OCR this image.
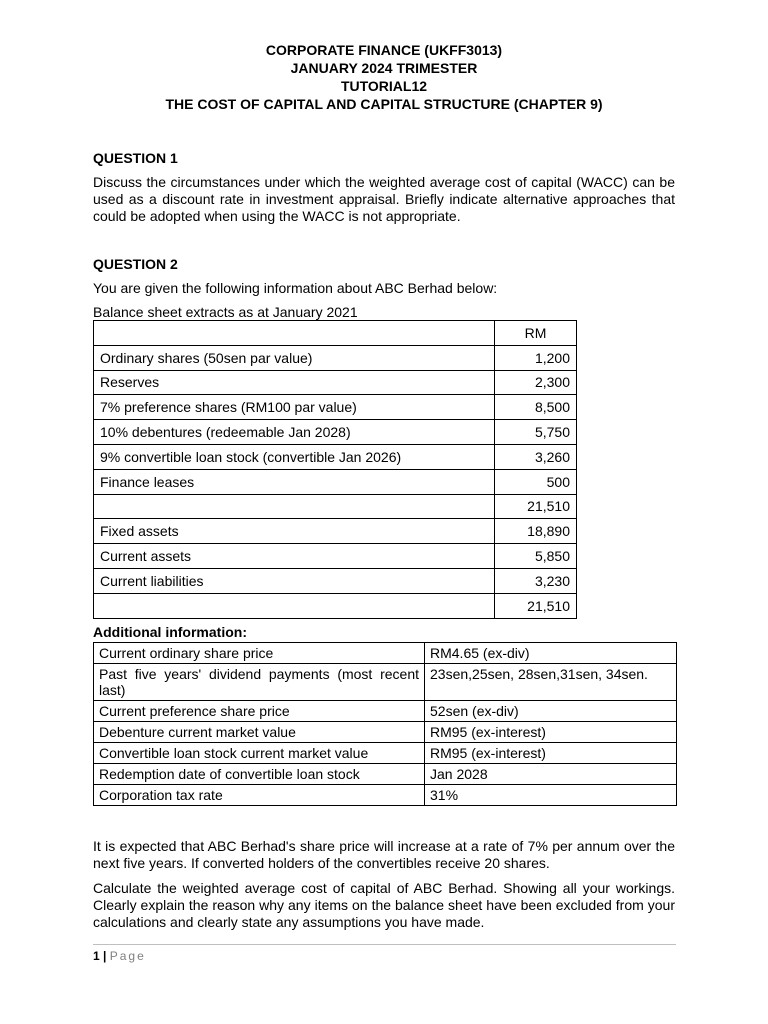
CORPORATE FINANCE (UKFF3013)
JANUARY 2024 TRIMESTER
TUTORIAL12
THE COST OF CAPITAL AND CAPITAL STRUCTURE (CHAPTER 9)
QUESTION 1
Discuss the circumstances under which the weighted average cost of capital (WACC) can be used as a discount rate in investment appraisal. Briefly indicate alternative approaches that could be adopted when using the WACC is not appropriate.
QUESTION 2
You are given the following information about ABC Berhad below:
Balance sheet extracts as at January 2021
	RM
Ordinary shares (50sen par value)	1,200
Reserves	2,300
7% preference shares (RM100 par value)	8,500
10% debentures (redeemable Jan 2028)	5,750
9% convertible loan stock (convertible Jan 2026)	3,260
Finance leases	500
	21,510
Fixed assets	18,890
Current assets	5,850
Current liabilities	3,230
	21,510
Additional information:
Current ordinary share price	RM4.65 (ex-div)
Past five years' dividend payments (most recent last)	23sen,25sen, 28sen,31sen, 34sen.
Current preference share price	52sen (ex-div)
Debenture current market value	RM95 (ex-interest)
Convertible loan stock current market value	RM95 (ex-interest)
Redemption date of convertible loan stock	Jan 2028
Corporation tax rate	31%
It is expected that ABC Berhad's share price will increase at a rate of 7% per annum over the next five years. If converted holders of the convertibles receive 20 shares.
Calculate the weighted average cost of capital of ABC Berhad. Showing all your workings. Clearly explain the reason why any items on the balance sheet have been excluded from your calculations and clearly state any assumptions you have made.
1 | Page
